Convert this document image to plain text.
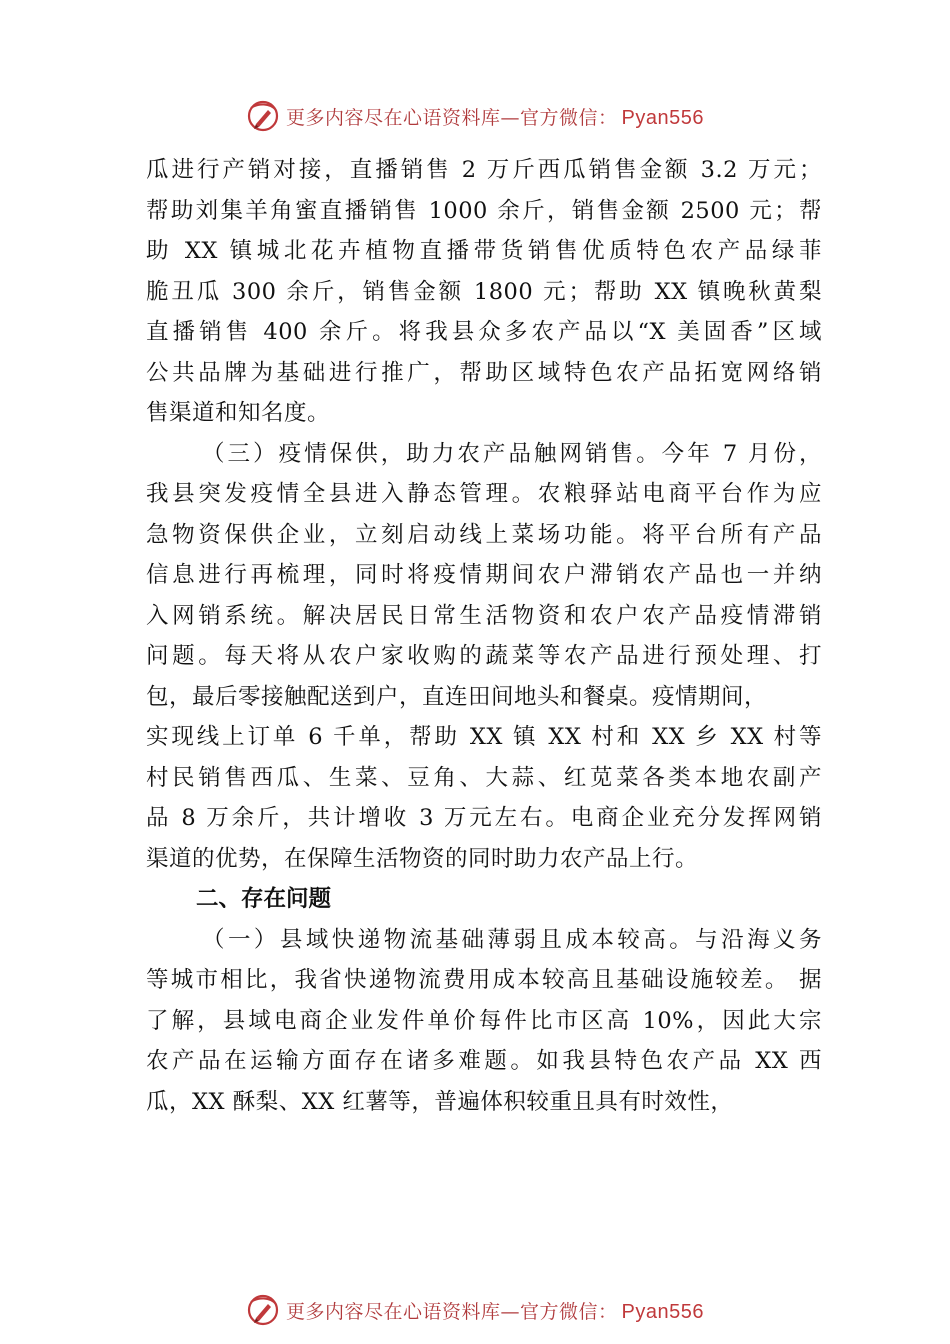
更多内容尽在心语资料库—官方微信： Pyan556
瓜进行产销对接，直播销售 2 万斤西瓜销售金额 3.2 万元；
帮助刘集羊角蜜直播销售 1000 余斤，销售金额 2500 元；帮
助 XX 镇城北花卉植物直播带货销售优质特色农产品绿菲
脆丑瓜 300 余斤，销售金额 1800 元；帮助 XX 镇晚秋黄梨
直播销售 400 余斤。将我县众多农产品以“X 美固香”区域
公共品牌为基础进行推广，帮助区域特色农产品拓宽网络销
售渠道和知名度。
（三）疫情保供，助力农产品触网销售。今年 7 月份，
我县突发疫情全县进入静态管理。农粮驿站电商平台作为应
急物资保供企业，立刻启动线上菜场功能。将平台所有产品
信息进行再梳理，同时将疫情期间农户滞销农产品也一并纳
入网销系统。解决居民日常生活物资和农户农产品疫情滞销
问题。每天将从农户家收购的蔬菜等农产品进行预处理、打
包，最后零接触配送到户，直连田间地头和餐桌。疫情期间，
实现线上订单 6 千单，帮助 XX 镇 XX 村和 XX 乡 XX 村等
村民销售西瓜、生菜、豆角、大蒜、红苋菜各类本地农副产
品 8 万余斤，共计增收 3 万元左右。电商企业充分发挥网销
渠道的优势，在保障生活物资的同时助力农产品上行。
二、存在问题
（一）县域快递物流基础薄弱且成本较高。与沿海义务
等城市相比，我省快递物流费用成本较高且基础设施较差。 据
了解，县域电商企业发件单价每件比市区高 10%，因此大宗
农产品在运输方面存在诸多难题。如我县特色农产品 XX 西
瓜，XX 酥梨、XX 红薯等，普遍体积较重且具有时效性，
更多内容尽在心语资料库—官方微信： Pyan556
